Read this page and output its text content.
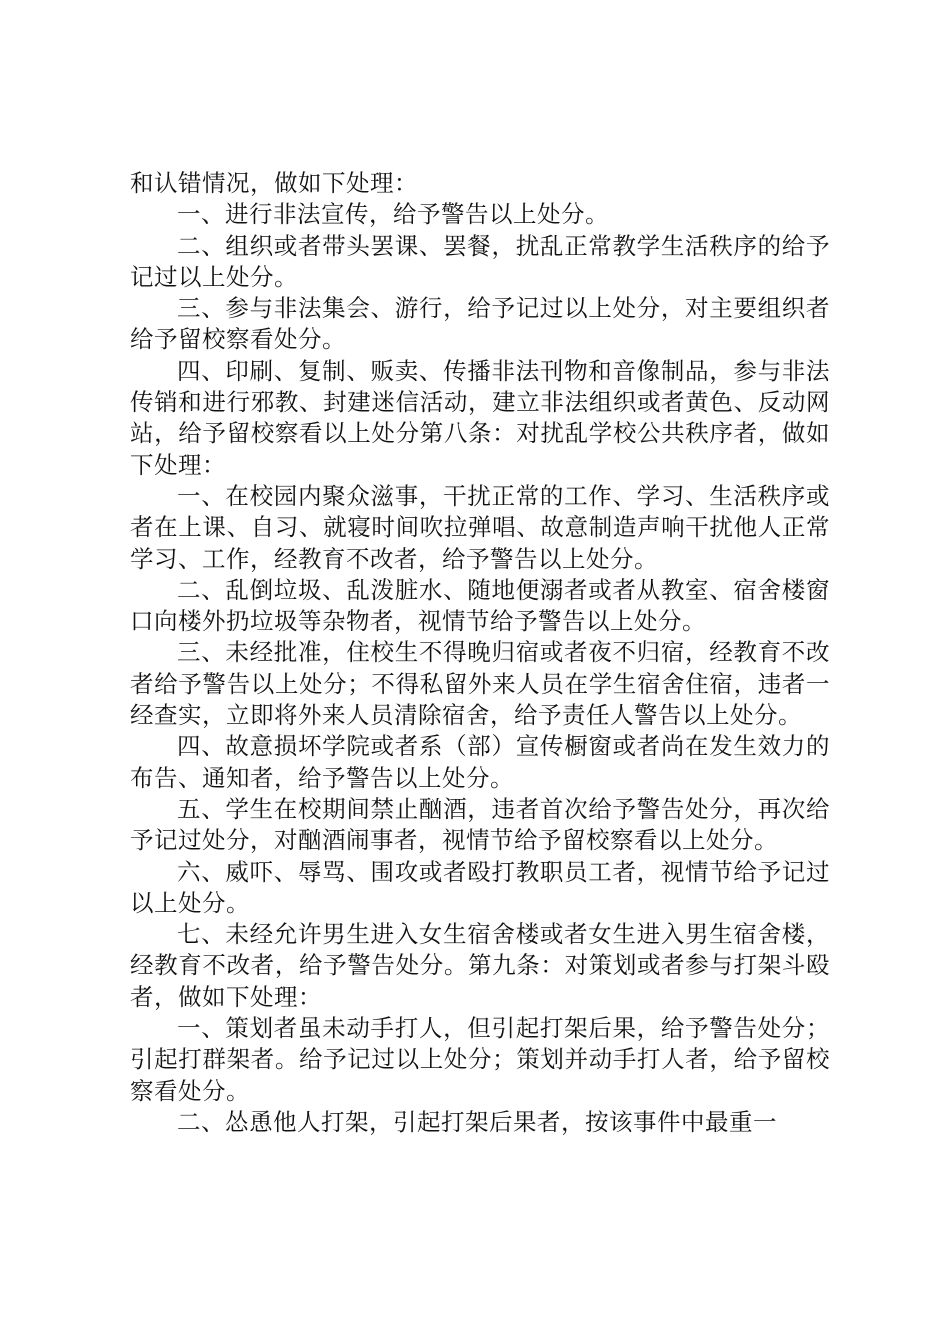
和认错情况，做如下处理：

一、进行非法宣传，给予警告以上处分。

二、组织或者带头罢课、罢餐，扰乱正常教学生活秩序的给予记过以上处分。

三、参与非法集会、游行，给予记过以上处分，对主要组织者给予留校察看处分。

四、印刷、复制、贩卖、传播非法刊物和音像制品，参与非法传销和进行邪教、封建迷信活动，建立非法组织或者黄色、反动网站，给予留校察看以上处分第八条：对扰乱学校公共秩序者，做如下处理：

一、在校园内聚众滋事，干扰正常的工作、学习、生活秩序或者在上课、自习、就寝时间吹拉弹唱、故意制造声响干扰他人正常学习、工作，经教育不改者，给予警告以上处分。

二、乱倒垃圾、乱泼脏水、随地便溺者或者从教室、宿舍楼窗口向楼外扔垃圾等杂物者，视情节给予警告以上处分。

三、未经批准，住校生不得晚归宿或者夜不归宿，经教育不改者给予警告以上处分；不得私留外来人员在学生宿舍住宿，违者一经查实，立即将外来人员清除宿舍，给予责任人警告以上处分。

四、故意损坏学院或者系（部）宣传橱窗或者尚在发生效力的布告、通知者，给予警告以上处分。

五、学生在校期间禁止酗酒，违者首次给予警告处分，再次给予记过处分，对酗酒闹事者，视情节给予留校察看以上处分。

六、威吓、辱骂、围攻或者殴打教职员工者，视情节给予记过以上处分。

七、未经允许男生进入女生宿舍楼或者女生进入男生宿舍楼，经教育不改者，给予警告处分。第九条：对策划或者参与打架斗殴者，做如下处理：

一、策划者虽未动手打人，但引起打架后果，给予警告处分；引起打群架者。给予记过以上处分；策划并动手打人者，给予留校察看处分。

二、怂恿他人打架，引起打架后果者，按该事件中最重一
